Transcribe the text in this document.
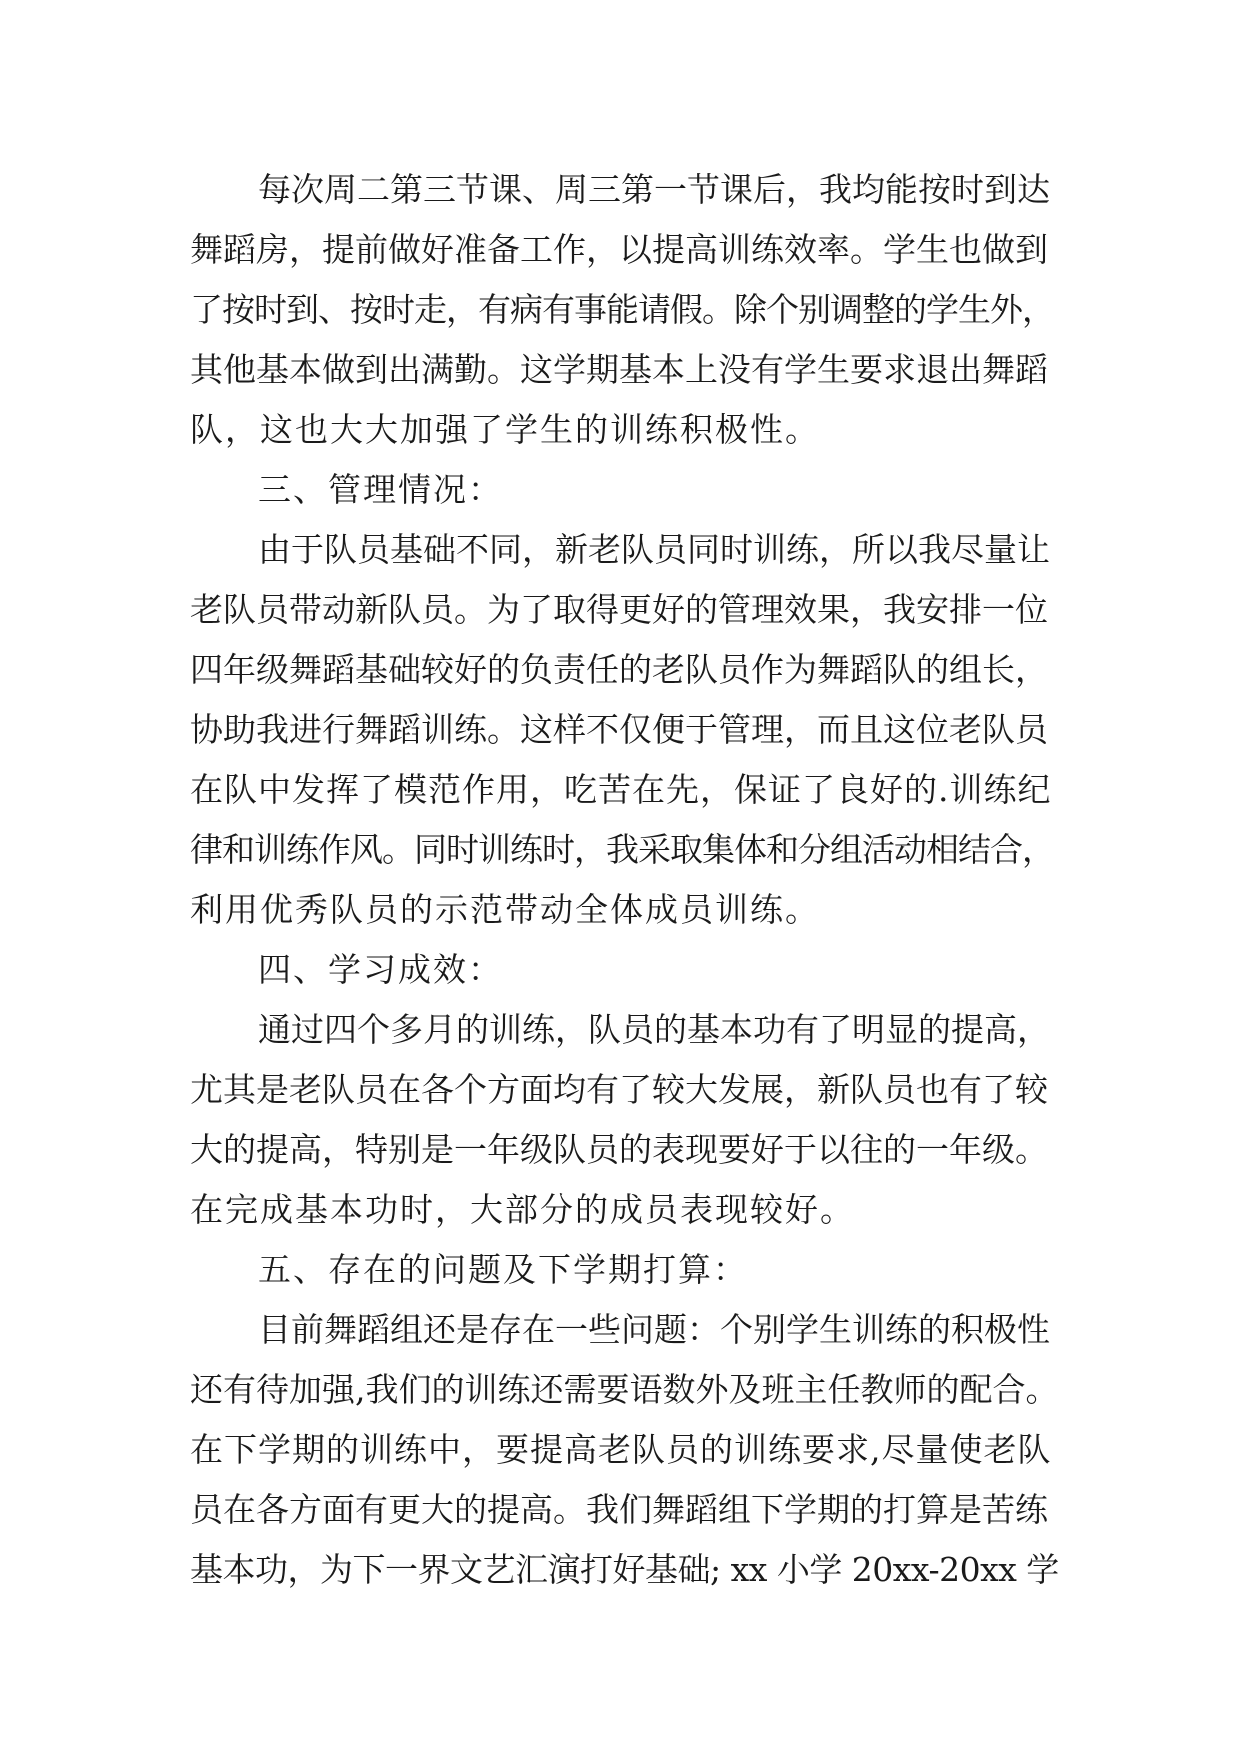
每次周二第三节课、周三第一节课后，我均能按时到达
舞蹈房，提前做好准备工作，以提高训练效率。学生也做到
了按时到、按时走，有病有事能请假。除个别调整的学生外，
其他基本做到出满勤。这学期基本上没有学生要求退出舞蹈
队，这也大大加强了学生的训练积极性。
三、管理情况：
由于队员基础不同，新老队员同时训练，所以我尽量让
老队员带动新队员。为了取得更好的管理效果，我安排一位
四年级舞蹈基础较好的负责任的老队员作为舞蹈队的组长，
协助我进行舞蹈训练。这样不仅便于管理，而且这位老队员
在队中发挥了模范作用，吃苦在先，保证了良好的.训练纪
律和训练作风。同时训练时，我采取集体和分组活动相结合，
利用优秀队员的示范带动全体成员训练。
四、学习成效：
通过四个多月的训练，队员的基本功有了明显的提高，
尤其是老队员在各个方面均有了较大发展，新队员也有了较
大的提高，特别是一年级队员的表现要好于以往的一年级。
在完成基本功时，大部分的成员表现较好。
五、存在的问题及下学期打算：
目前舞蹈组还是存在一些问题：个别学生训练的积极性
还有待加强,我们的训练还需要语数外及班主任教师的配合。
在下学期的训练中，要提高老队员的训练要求,尽量使老队
员在各方面有更大的提高。我们舞蹈组下学期的打算是苦练
基本功，为下一界文艺汇演打好基础; xx 小学 20xx-20xx 学
